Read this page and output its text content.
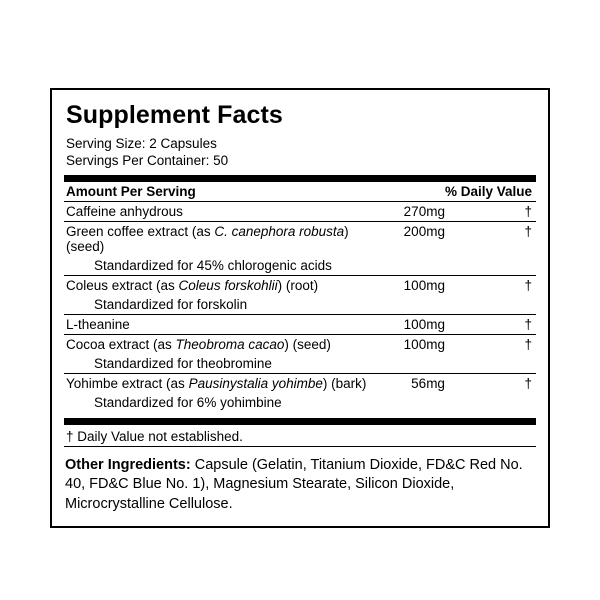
Supplement Facts
Serving Size: 2 Capsules
Servings Per Container: 50
Amount Per Serving		% Daily Value
Caffeine anhydrous	270mg	†
Green coffee extract (as C. canephora robusta) (seed)	200mg	†
Standardized for 45% chlorogenic acids		
Coleus extract (as Coleus forskohlii) (root)	100mg	†
Standardized for forskolin		
L-theanine	100mg	†
Cocoa extract (as Theobroma cacao) (seed)	100mg	†
Standardized for theobromine		
Yohimbe extract (as Pausinystalia yohimbe) (bark)	56mg	†
Standardized for 6% yohimbine		
† Daily Value not established.
Other Ingredients: Capsule (Gelatin, Titanium Dioxide, FD&C Red No. 40, FD&C Blue No. 1), Magnesium Stearate, Silicon Dioxide, Microcrystalline Cellulose.
